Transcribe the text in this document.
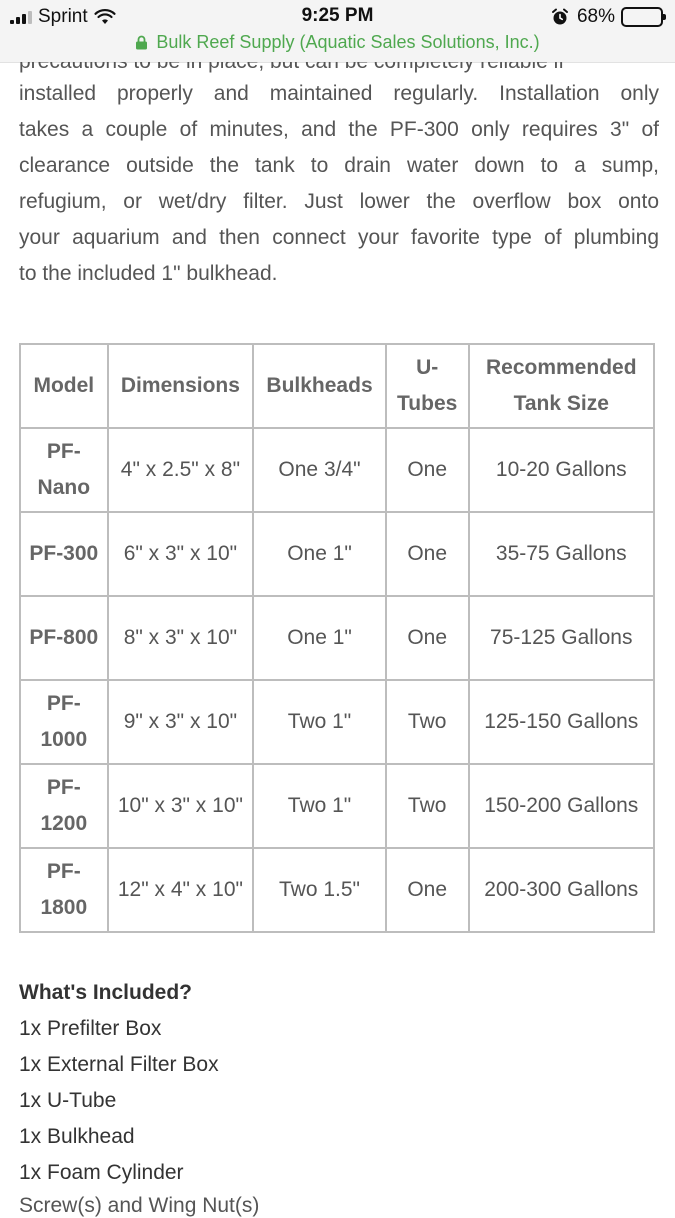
Sprint	9:25 PM	68%
Bulk Reef Supply (Aquatic Sales Solutions, Inc.)
installed properly and maintained regularly. Installation only
takes a couple of minutes, and the PF-300 only requires 3" of
clearance outside the tank to drain water down to a sump,
refugium, or wet/dry filter. Just lower the overflow box onto
your aquarium and then connect your favorite type of plumbing
to the included 1" bulkhead.
Model	Dimensions	Bulkheads	U-Tubes	Recommended Tank Size
PF-Nano	4" x 2.5" x 8"	One 3/4"	One	10-20 Gallons
PF-300	6" x 3" x 10"	One 1"	One	35-75 Gallons
PF-800	8" x 3" x 10"	One 1"	One	75-125 Gallons
PF-1000	9" x 3" x 10"	Two 1"	Two	125-150 Gallons
PF-1200	10" x 3" x 10"	Two 1"	Two	150-200 Gallons
PF-1800	12" x 4" x 10"	Two 1.5"	One	200-300 Gallons
What's Included?
1x Prefilter Box
1x External Filter Box
1x U-Tube
1x Bulkhead
1x Foam Cylinder
Screw(s) and Wing Nut(s)
